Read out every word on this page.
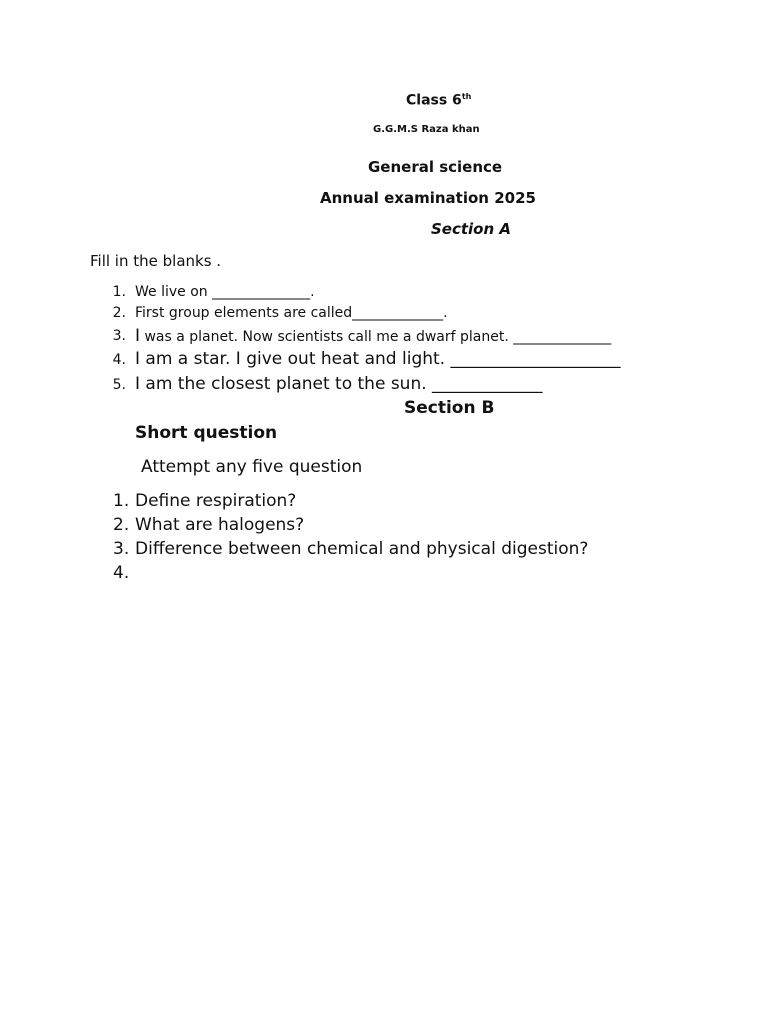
Class 6th
G.G.M.S Raza khan
General science
Annual examination 2025
Section A
Fill in the blanks .
1. We live on ______________.
2. First group elements are called_____________.
3. I was a planet. Now scientists call me a dwarf planet. ______________
4. I am a star. I give out heat and light. ____________________
5. I am the closest planet to the sun. _____________
Section B
Short question
Attempt any five question
1. Define respiration?
2. What are halogens?
3. Difference between chemical and physical digestion?
4.
